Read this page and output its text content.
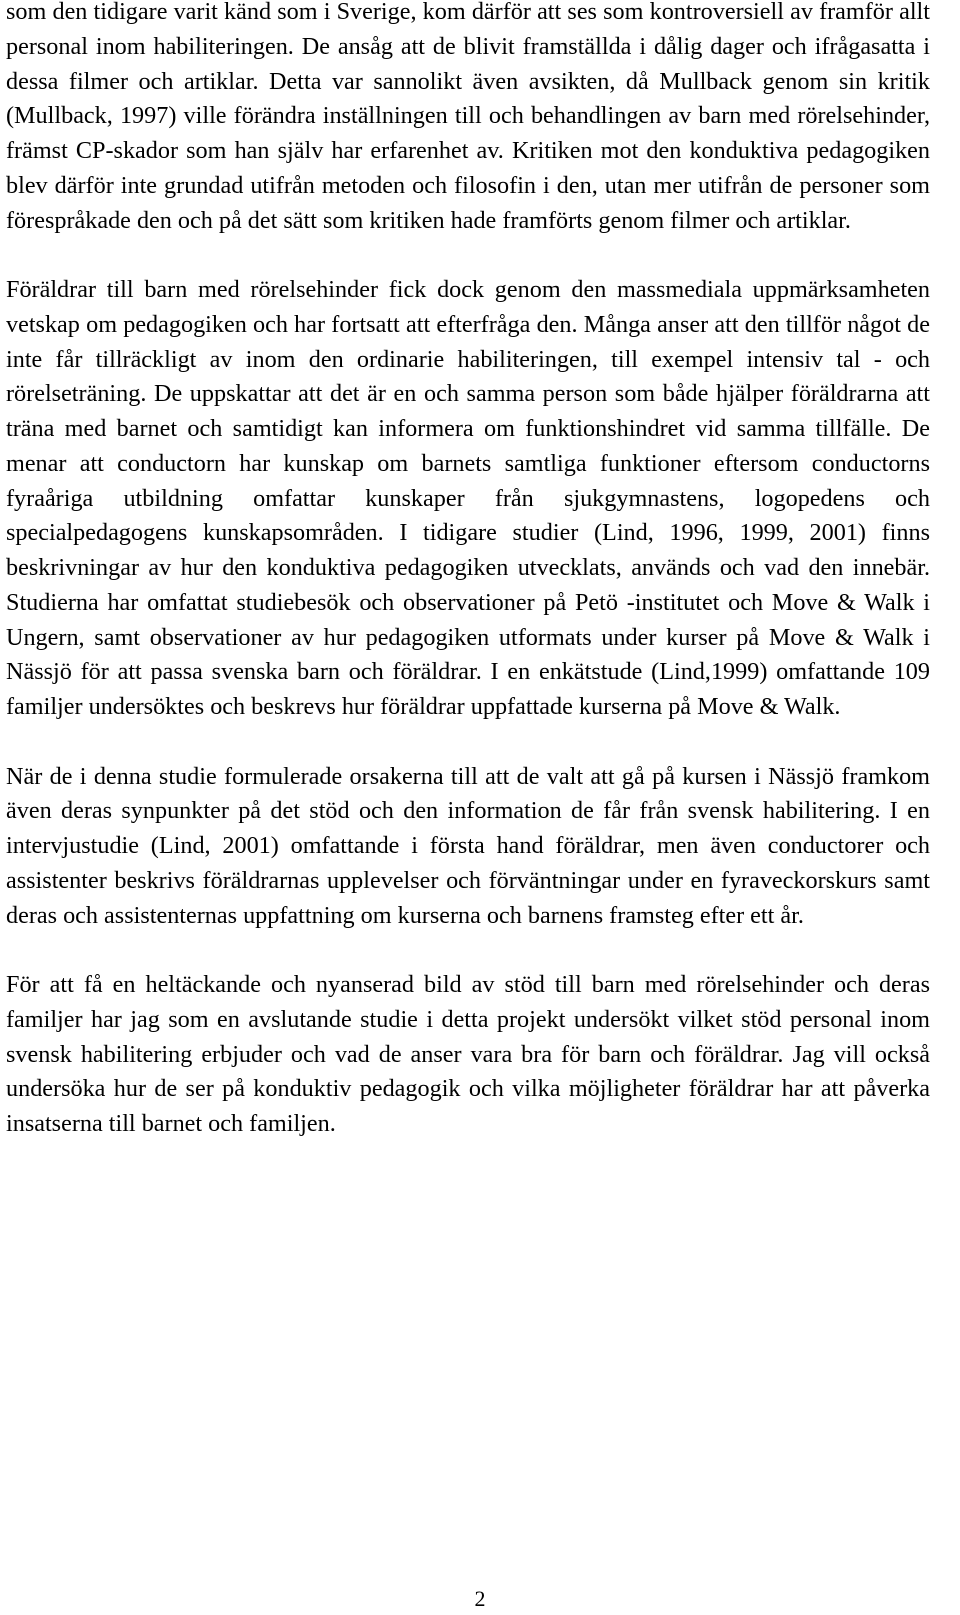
som den tidigare varit känd som i Sverige, kom därför att ses som kontroversiell av framför allt personal inom habiliteringen. De ansåg att de blivit framställda i dålig dager och ifrågasatta i dessa filmer och artiklar. Detta var sannolikt även avsikten, då Mullback genom sin kritik (Mullback, 1997) ville förändra inställningen till och behandlingen av barn med rörelsehinder, främst CP-skador som han själv har erfarenhet av. Kritiken mot den konduktiva pedagogiken blev därför inte grundad utifrån metoden och filosofin i den, utan mer utifrån de personer som förespråkade den och på det sätt som kritiken hade framförts genom filmer och artiklar.

Föräldrar till barn med rörelsehinder fick dock genom den massmediala uppmärksamheten vetskap om pedagogiken och har fortsatt att efterfråga den. Många anser att den tillför något de inte får tillräckligt av inom den ordinarie habiliteringen, till exempel intensiv tal - och rörelseträning. De uppskattar att det är en och samma person som både hjälper föräldrarna att träna med barnet och samtidigt kan informera om funktionshindret vid samma tillfälle. De menar att conductorn har kunskap om barnets samtliga funktioner eftersom conductorns fyraåriga utbildning omfattar kunskaper från sjukgymnastens, logopedens och specialpedagogens kunskapsområden. I tidigare studier (Lind, 1996, 1999, 2001) finns beskrivningar av hur den konduktiva pedagogiken utvecklats, används och vad den innebär. Studierna har omfattat studiebesök och observationer på Petö -institutet och Move & Walk i Ungern, samt observationer av hur pedagogiken utformats under kurser på Move & Walk i Nässjö för att passa svenska barn och föräldrar. I en enkätstude (Lind,1999) omfattande 109 familjer undersöktes och beskrevs hur föräldrar uppfattade kurserna på Move & Walk.

När de i denna studie formulerade orsakerna till att de valt att gå på kursen i Nässjö framkom även deras synpunkter på det stöd och den information de får från svensk habilitering. I en intervjustudie (Lind, 2001) omfattande i första hand föräldrar, men även conductorer och assistenter beskrivs föräldrarnas upplevelser och förväntningar under en fyraveckorskurs samt deras och assistenternas uppfattning om kurserna och barnens framsteg efter ett år.

För att få en heltäckande och nyanserad bild av stöd till barn med rörelsehinder och deras familjer har jag som en avslutande studie i detta projekt undersökt vilket stöd personal inom svensk habilitering erbjuder och vad de anser vara bra för barn och föräldrar. Jag vill också undersöka hur de ser på konduktiv pedagogik och vilka möjligheter föräldrar har att påverka insatserna till barnet och familjen.

2
